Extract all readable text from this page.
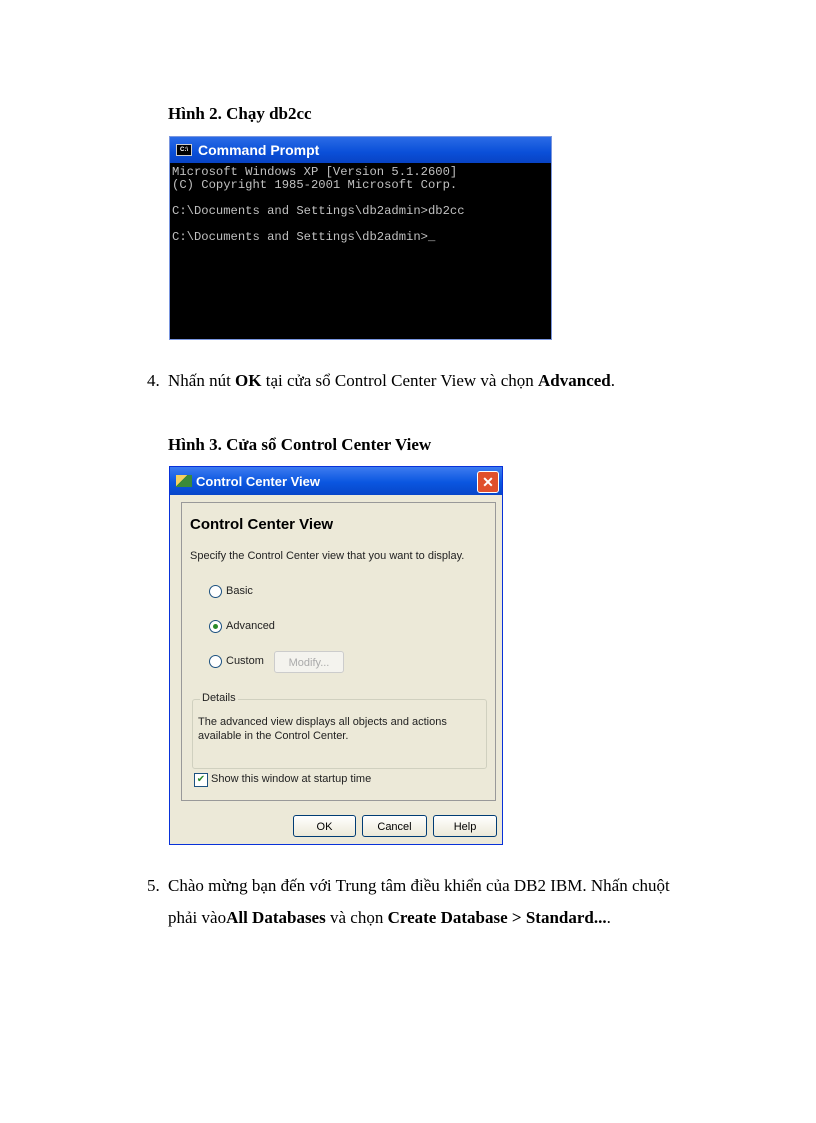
Hình 2. Chạy db2cc
C:\ Command Prompt
Microsoft Windows XP [Version 5.1.2600]
(C) Copyright 1985-2001 Microsoft Corp.

C:\Documents and Settings\db2admin>db2cc

C:\Documents and Settings\db2admin>_
4. Nhấn nút OK tại cửa sổ Control Center View và chọn Advanced.
Hình 3. Cửa sổ Control Center View
Control Center View	✕
Control Center View
Specify the Control Center view that you want to display.
Basic
Advanced
Custom	Modify...
Details
The advanced view displays all objects and actions available in the Control Center.
✔ Show this window at startup time
OK	Cancel	Help
5. Chào mừng bạn đến với Trung tâm điều khiển của DB2 IBM. Nhấn chuột
phải vàoAll Databases và chọn Create Database > Standard....
